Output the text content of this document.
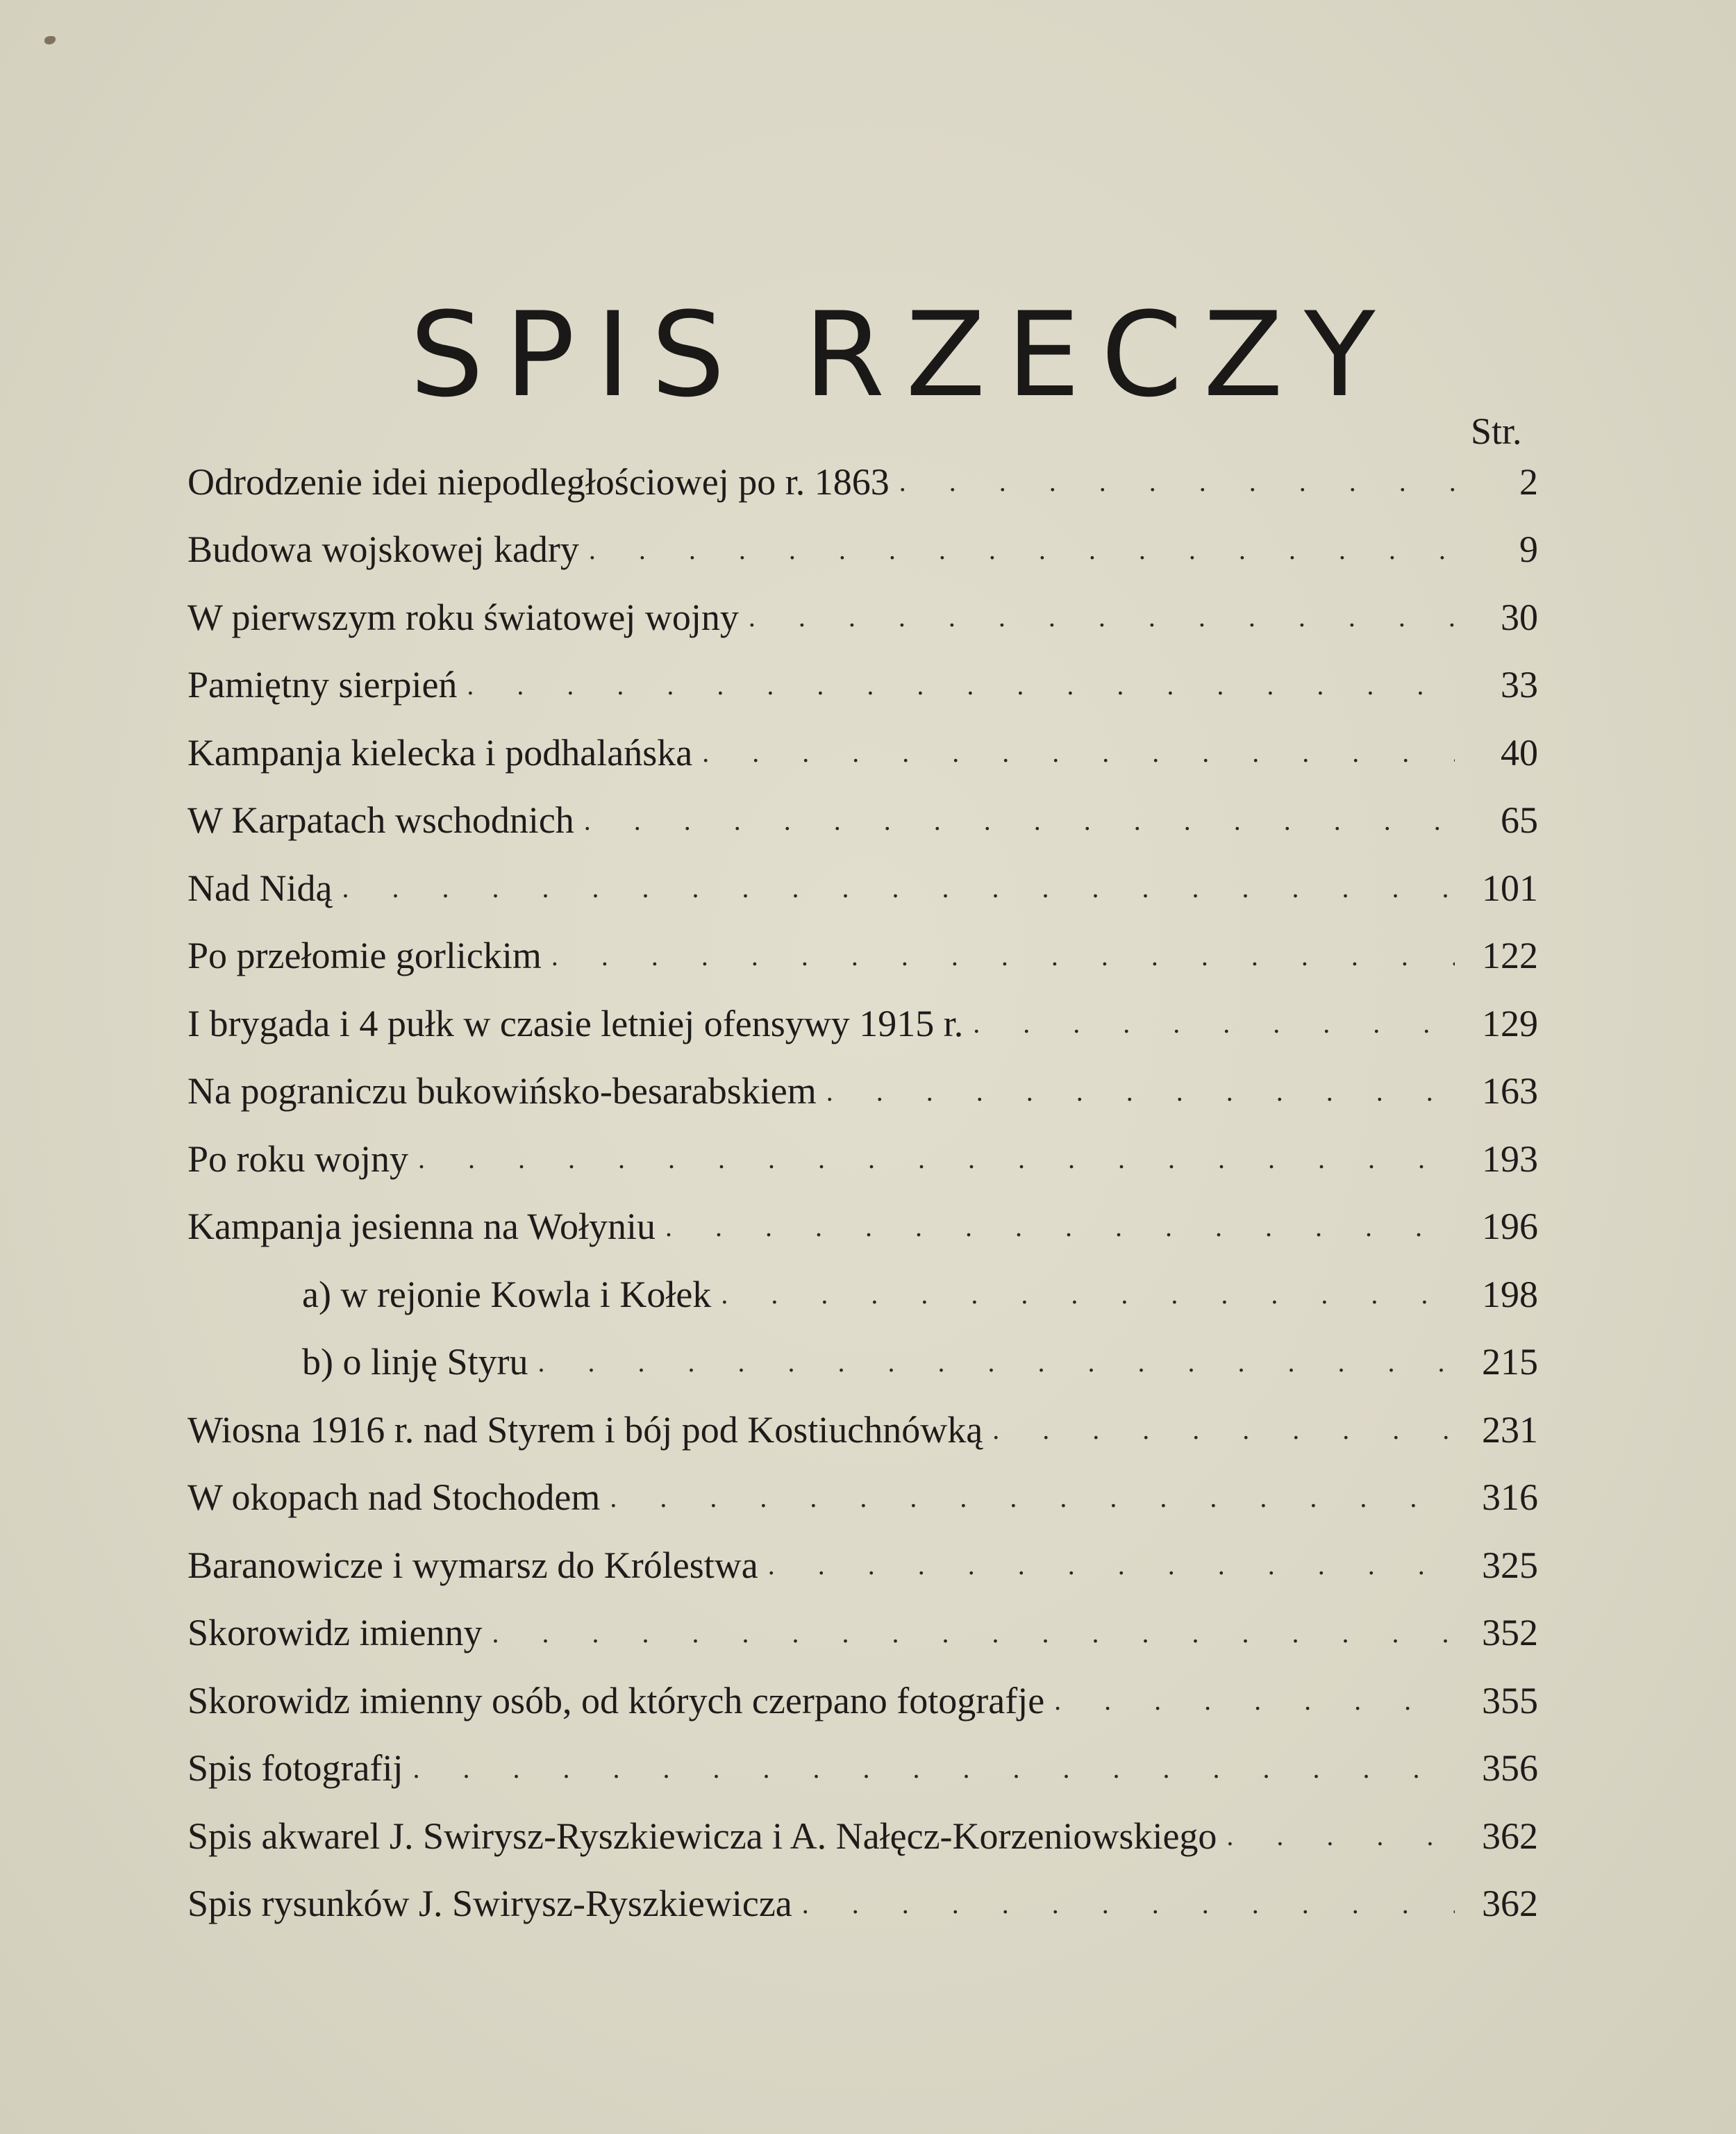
SPIS RZECZY
Str.
Odrodzenie idei niepodległościowej po r. 1863 . . .	2
Budowa wojskowej kadry . . .	9
W pierwszym roku światowej wojny . . .	30
Pamiętny sierpień . . .	33
Kampanja kielecka i podhalańska . . .	40
W Karpatach wschodnich . . .	65
Nad Nidą . . .	101
Po przełomie gorlickim . . .	122
I brygada i 4 pułk w czasie letniej ofensywy 1915 r. . . .	129
Na pograniczu bukowińsko-besarabskiem . . .	163
Po roku wojny . . .	193
Kampanja jesienna na Wołyniu . . .	196
a) w rejonie Kowla i Kołek . . .	198
b) o linję Styru . . .	215
Wiosna 1916 r. nad Styrem i bój pod Kostiuchnówką . . .	231
W okopach nad Stochodem . . .	316
Baranowicze i wymarsz do Królestwa . . .	325
Skorowidz imienny . . .	352
Skorowidz imienny osób, od których czerpano fotografje . . .	355
Spis fotografij . . .	356
Spis akwarel J. Swirysz-Ryszkiewicza i A. Nałęcz-Korzeniowskiego . . .	362
Spis rysunków J. Swirysz-Ryszkiewicza . . .	362
